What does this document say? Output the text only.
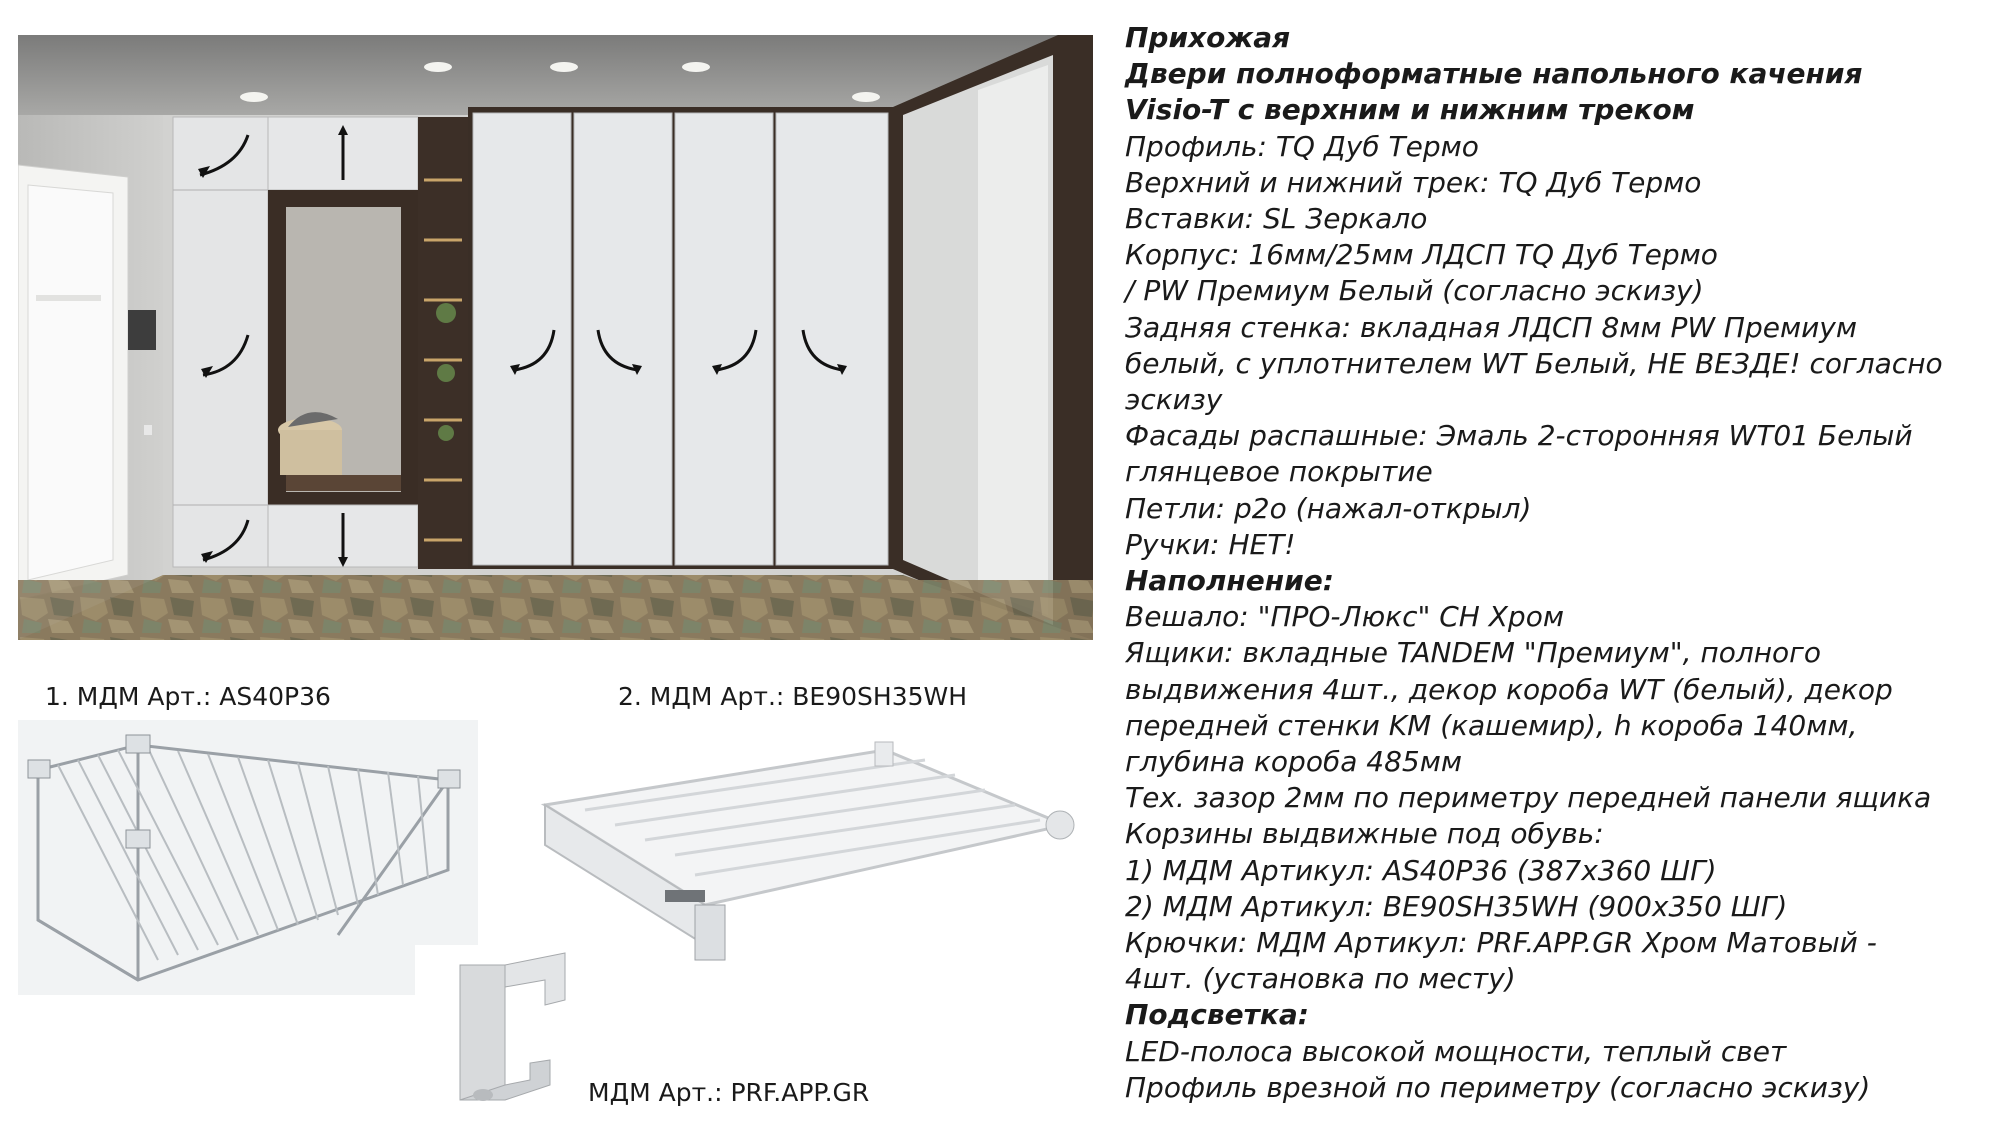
1. МДМ Арт.: AS40P36	2. МДМ Арт.: BE90SH35WH
МДМ Арт.: PRF.APP.GR
Прихожая
Двери полноформатные напольного качения
Visio-T с верхним и нижним треком
Профиль: TQ Дуб Термо
Верхний и нижний трек: TQ Дуб Термо
Вставки: SL Зеркало
Корпус: 16мм/25мм ЛДСП TQ Дуб Термо
/ PW Премиум Белый (согласно эскизу)
Задняя стенка: вкладная ЛДСП 8мм PW Премиум
белый, с уплотнителем WT Белый, НЕ ВЕЗДЕ! согласно
эскизу
Фасады распашные: Эмаль 2-сторонняя WT01 Белый
глянцевое покрытие
Петли: p2o (нажал-открыл)
Ручки: НЕТ!
Наполнение:
Вешало: "ПРО-Люкс" CH Хром
Ящики: вкладные TANDEM "Премиум", полного
выдвижения 4шт., декор короба WT (белый), декор
передней стенки KM (кашемир), h короба 140мм,
глубина короба 485мм
Тех. зазор 2мм по периметру передней панели ящика
Корзины выдвижные под обувь:
1) МДМ Артикул: AS40P36 (387x360 ШГ)
2) МДМ Артикул: BE90SH35WH (900x350 ШГ)
Крючки: МДМ Артикул: PRF.APP.GR Хром Матовый -
4шт. (установка по месту)
Подсветка:
LED-полоса высокой мощности, теплый свет
Профиль врезной по периметру (согласно эскизу)
